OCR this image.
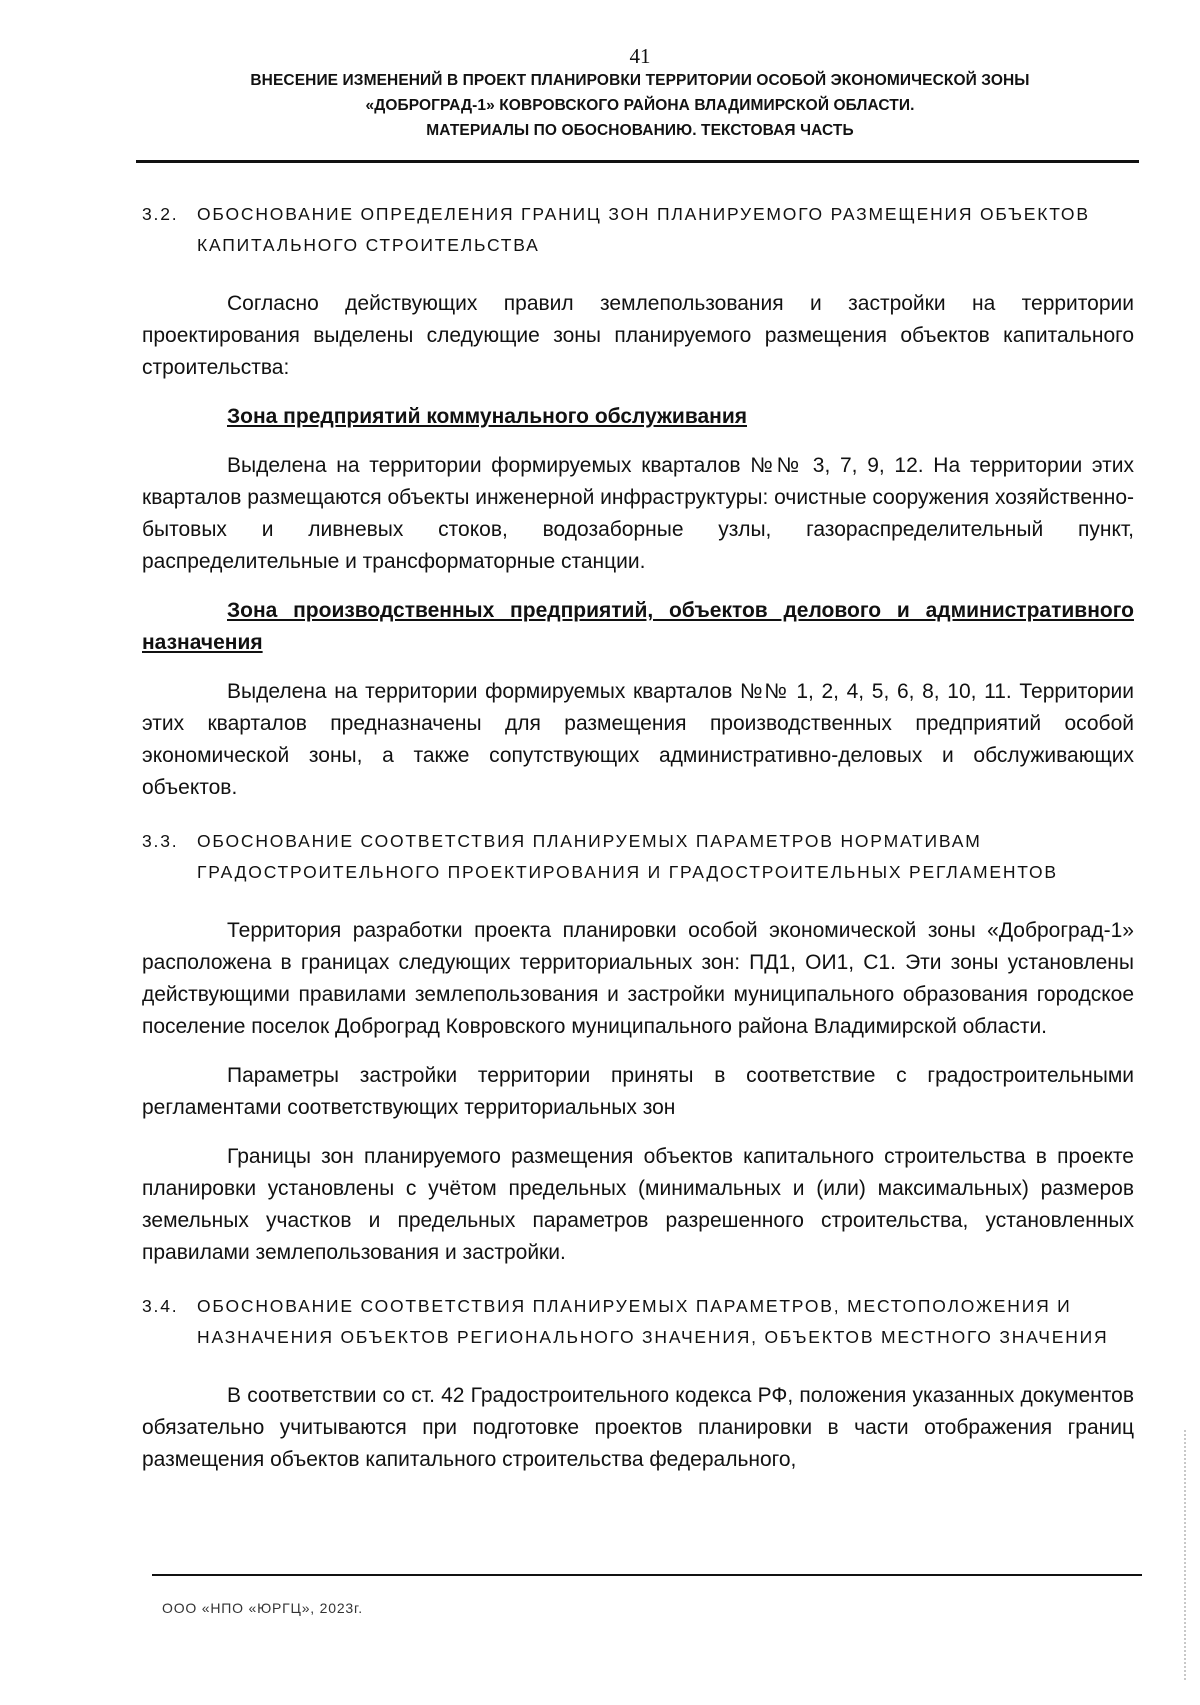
41
ВНЕСЕНИЕ ИЗМЕНЕНИЙ В ПРОЕКТ ПЛАНИРОВКИ ТЕРРИТОРИИ ОСОБОЙ ЭКОНОМИЧЕСКОЙ ЗОНЫ
«ДОБРОГРАД-1» КОВРОВСКОГО РАЙОНА ВЛАДИМИРСКОЙ ОБЛАСТИ.
МАТЕРИАЛЫ ПО ОБОСНОВАНИЮ. ТЕКСТОВАЯ ЧАСТЬ
3.2.	ОБОСНОВАНИЕ ОПРЕДЕЛЕНИЯ ГРАНИЦ ЗОН ПЛАНИРУЕМОГО РАЗМЕЩЕНИЯ ОБЪЕКТОВ КАПИТАЛЬНОГО СТРОИТЕЛЬСТВА

Согласно действующих правил землепользования и застройки на территории проектирования выделены следующие зоны планируемого размещения объектов капитального строительства:

Зона предприятий коммунального обслуживания

Выделена на территории формируемых кварталов №№ 3, 7, 9, 12. На территории этих кварталов размещаются объекты инженерной инфраструктуры: очистные сооружения хозяйственно-бытовых и ливневых стоков, водозаборные узлы, газораспределительный пункт, распределительные и трансформаторные станции.

Зона производственных предприятий, объектов делового и административного назначения

Выделена на территории формируемых кварталов №№ 1, 2, 4, 5, 6, 8, 10, 11. Территории этих кварталов предназначены для размещения производственных предприятий особой экономической зоны, а также сопутствующих административно-деловых и обслуживающих объектов.

3.3.	ОБОСНОВАНИЕ СООТВЕТСТВИЯ ПЛАНИРУЕМЫХ ПАРАМЕТРОВ НОРМАТИВАМ ГРАДОСТРОИТЕЛЬНОГО ПРОЕКТИРОВАНИЯ И ГРАДОСТРОИТЕЛЬНЫХ РЕГЛАМЕНТОВ

Территория разработки проекта планировки особой экономической зоны «Доброград-1» расположена в границах следующих территориальных зон: ПД1, ОИ1, С1. Эти зоны установлены действующими правилами землепользования и застройки муниципального образования городское поселение поселок Доброград Ковровского муниципального района Владимирской области.

Параметры застройки территории приняты в соответствие с градостроительными регламентами соответствующих территориальных зон

Границы зон планируемого размещения объектов капитального строительства в проекте планировки установлены с учётом предельных (минимальных и (или) максимальных) размеров земельных участков и предельных параметров разрешенного строительства, установленных правилами землепользования и застройки.

3.4.	ОБОСНОВАНИЕ СООТВЕТСТВИЯ ПЛАНИРУЕМЫХ ПАРАМЕТРОВ, МЕСТОПОЛОЖЕНИЯ И НАЗНАЧЕНИЯ ОБЪЕКТОВ РЕГИОНАЛЬНОГО ЗНАЧЕНИЯ, ОБЪЕКТОВ МЕСТНОГО ЗНАЧЕНИЯ

В соответствии со ст. 42 Градостроительного кодекса РФ, положения указанных документов обязательно учитываются при подготовке проектов планировки в части отображения границ размещения объектов капитального строительства федерального,

ООО «НПО «ЮРГЦ», 2023г.
